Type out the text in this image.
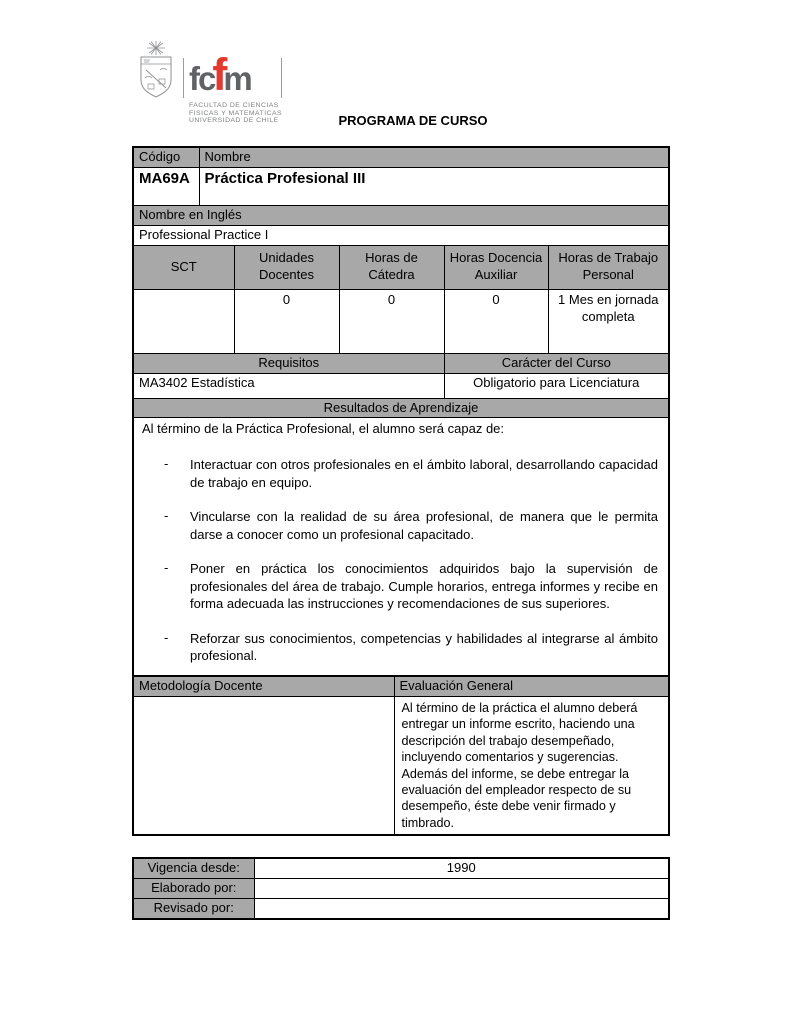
fc
f
m
FACULTAD DE CIENCIAS
FISICAS Y MATEMATICAS
UNIVERSIDAD DE CHILE	PROGRAMA DE CURSO
Código	Nombre				
MA69A	Práctica Profesional III				
Nombre en Inglés					
Professional Practice I					
SCT		Unidades Docentes	Horas de Cátedra	Horas Docencia Auxiliar	Horas de Trabajo Personal
		0	0	0	1 Mes en jornada completa
Requisitos				Carácter del Curso	
MA3402 Estadística				Obligatorio para Licenciatura	
Resultados de Aprendizaje					

Al término de la Práctica Profesional, el alumno será capaz de:
-	Interactuar con otros profesionales en el ámbito laboral, desarrollando capacidad de trabajo en equipo.
-	Vincularse con la realidad de su área profesional, de manera que le permita darse a conocer como un profesional capacitado.
-	Poner en práctica los conocimientos adquiridos bajo la supervisión de profesionales del área de trabajo. Cumple horarios, entrega informes y recibe en forma adecuada las instrucciones y recomendaciones de sus superiores.
-	Reforzar sus conocimientos, competencias y habilidades al integrarse al ámbito profesional.
Metodología Docente	Evaluación General
	Al término de la práctica el alumno deberá entregar un informe escrito, haciendo una descripción del trabajo desempeñado, incluyendo comentarios y sugerencias. Además del informe, se debe entregar la evaluación del empleador respecto de su desempeño, éste debe venir firmado y timbrado.
Vigencia desde:	1990
Elaborado por:	
Revisado por:	
